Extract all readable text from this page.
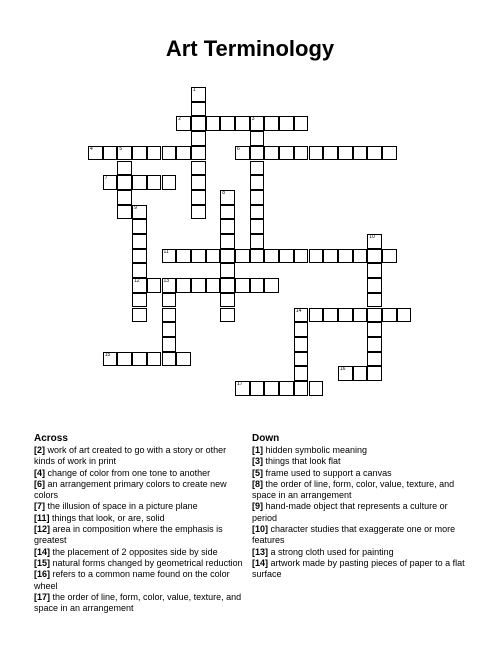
Art Terminology
1
2	3
4	5	6
7
8
9
12
10
11
13
14
15
16
17
Across
[2] work of art created to go with a story or other kinds of work in print
[4] change of color from one tone to another
[6] an arrangement primary colors to create new colors
[7] the illusion of space in a picture plane
[11] things that look, or are, solid
[12] area in composition where the emphasis is greatest
[14] the placement of 2 opposites side by side
[15] natural forms changed by geometrical reduction
[16] refers to a common name found on the color wheel
[17] the order of line, form, color, value, texture, and space in an arrangement
Down
[1] hidden symbolic meaning
[3] things that look flat
[5] frame used to support a canvas
[8] the order of line, form, color, value, texture, and space in an arrangement
[9] hand-made object that represents a culture or period
[10] character studies that exaggerate one or more features
[13] a strong cloth used for painting
[14] artwork made by pasting pieces of paper to a flat surface
